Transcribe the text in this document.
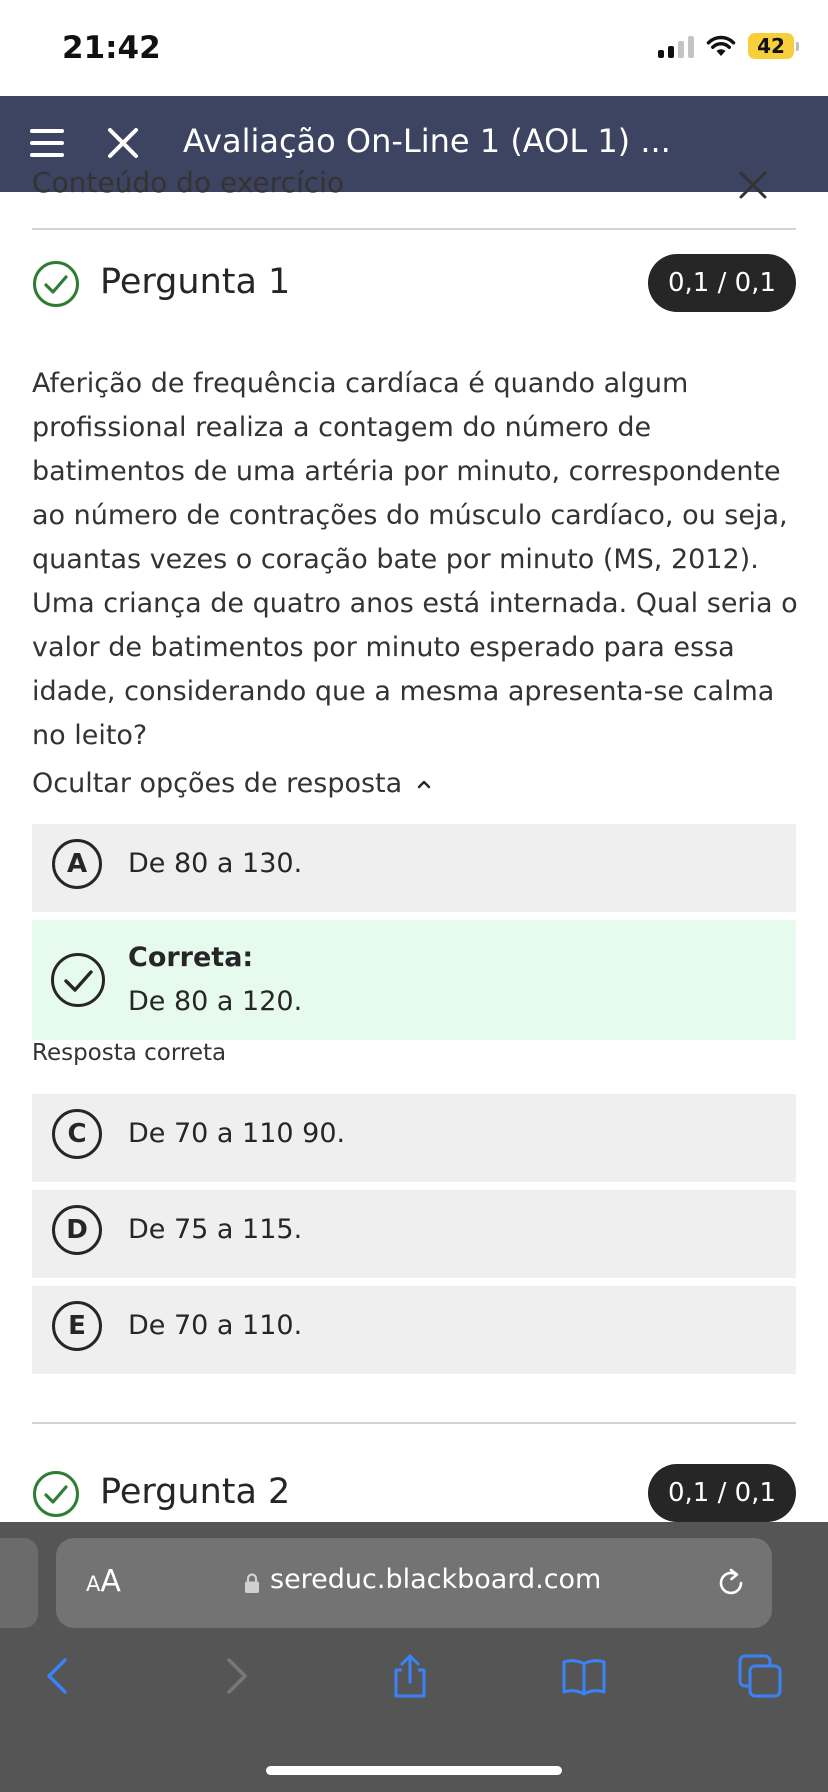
21:42	42
Avaliação On-Line 1 (AOL 1) ...
Conteúdo do exercício
Pergunta 1	0,1 / 0,1

Aferição de frequência cardíaca é quando algum profissional realiza a contagem do número de batimentos de uma artéria por minuto, correspondente ao número de contrações do músculo cardíaco, ou seja, quantas vezes o coração bate por minuto (MS, 2012).

Uma criança de quatro anos está internada. Qual seria o valor de batimentos por minuto esperado para essa idade, considerando que a mesma apresenta-se calma no leito?

Ocultar opções de resposta
A	De 80 a 130.
Correta:
De 80 a 120.
Resposta correta
C	De 70 a 110 90.
D	De 75 a 115.
E	De 70 a 110.
Pergunta 2	0,1 / 0,1
AA	sereduc.blackboard.com
